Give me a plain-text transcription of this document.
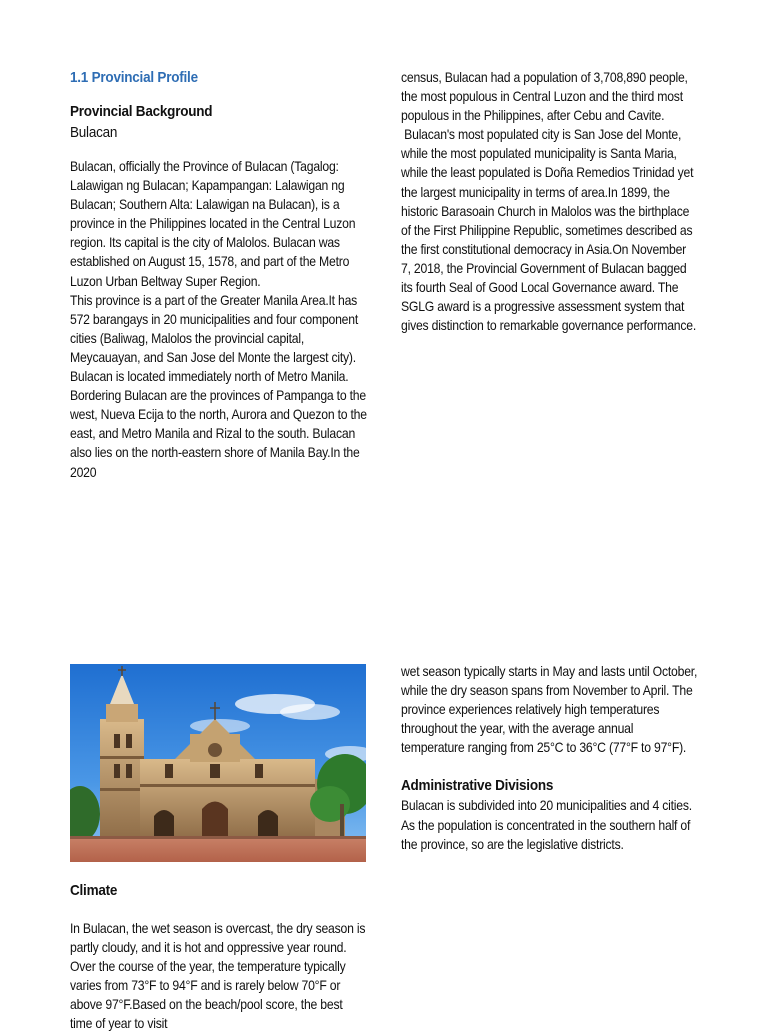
1.1 Provincial Profile
Provincial Background
Bulacan

Bulacan, officially the Province of Bulacan (Tagalog: Lalawigan ng Bulacan; Kapampangan: Lalawigan ng Bulacan; Southern Alta: Lalawigan na Bulacan), is a province in the Philippines located in the Central Luzon region. Its capital is the city of Malolos. Bulacan was established on August 15, 1578, and part of the Metro Luzon Urban Beltway Super Region.

This province is a part of the Greater Manila Area.It has 572 barangays in 20 municipalities and four component cities (Baliwag, Malolos the provincial capital, Meycauayan, and San Jose del Monte the largest city). Bulacan is located immediately north of Metro Manila. Bordering Bulacan are the provinces of Pampanga to the west, Nueva Ecija to the north, Aurora and Quezon to the east, and Metro Manila and Rizal to the south. Bulacan also lies on the north-eastern shore of Manila Bay.In the 2020

census, Bulacan had a population of 3,708,890 people, the most populous in Central Luzon and the third most populous in the Philippines, after Cebu and Cavite.

Bulacan's most populated city is San Jose del Monte, while the most populated municipality is Santa Maria, while the least populated is Doña Remedios Trinidad yet the largest municipality in terms of area.In 1899, the historic Barasoain Church in Malolos was the birthplace of the First Philippine Republic, sometimes described as the first constitutional democracy in Asia.On November 7, 2018, the Provincial Government of Bulacan bagged its fourth Seal of Good Local Governance award. The SGLG award is a progressive assessment system that gives distinction to remarkable governance performance.

wet season typically starts in May and lasts until October, while the dry season spans from November to April. The province experiences relatively high temperatures throughout the year, with the average annual temperature ranging from 25°C to 36°C (77°F to 97°F).

Administrative Divisions

Bulacan is subdivided into 20 municipalities and 4 cities. As the population is concentrated in the southern half of the province, so are the legislative districts.

Climate

In Bulacan, the wet season is overcast, the dry season is partly cloudy, and it is hot and oppressive year round. Over the course of the year, the temperature typically varies from 73°F to 94°F and is rarely below 70°F or above 97°F.Based on the beach/pool score, the best time of year to visit
